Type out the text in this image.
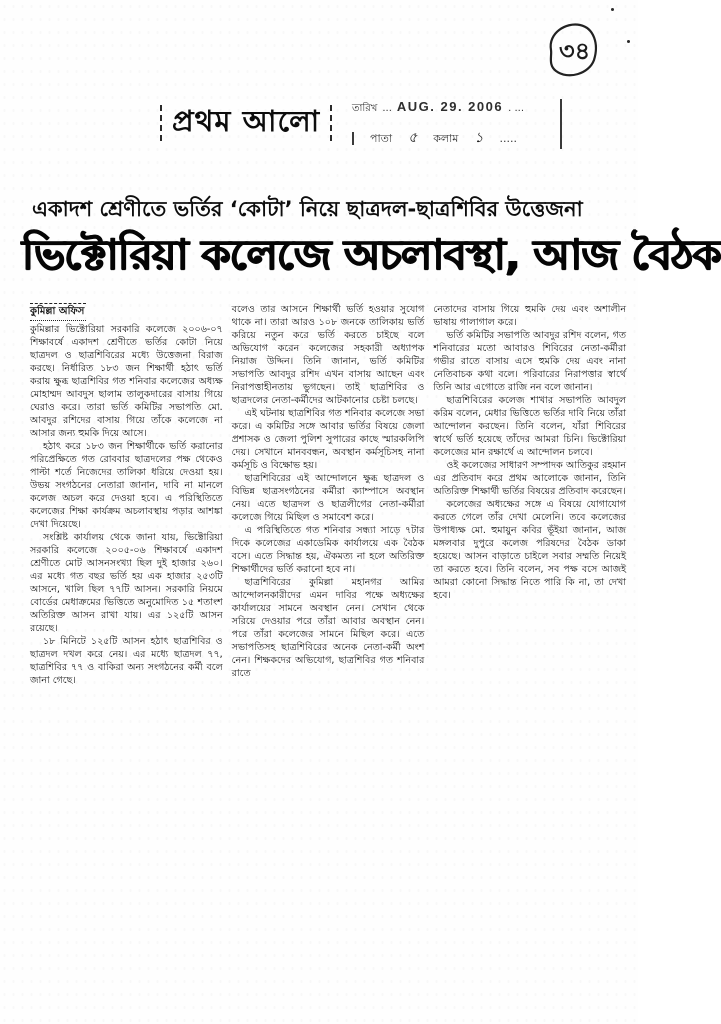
৩৪
প্রথম আলো	তারিখ ... AUG. 29. 2006 . ...
পাতা ৫ কলাম ১ .....
একাদশ শ্রেণীতে ভর্তির ‘কোটা’ নিয়ে ছাত্রদল-ছাত্রশিবির উত্তেজনা
ভিক্টোরিয়া কলেজে অচলাবস্থা, আজ বৈঠক
কুমিল্লা অফিস

কুমিল্লার ভিক্টোরিয়া সরকারি কলেজে ২০০৬-০৭ শিক্ষাবর্ষে একাদশ শ্রেণীতে ভর্তির কোটা নিয়ে ছাত্রদল ও ছাত্রশিবিরের মধ্যে উত্তেজনা বিরাজ করছে। নির্ধারিত ১৮৩ জন শিক্ষার্থী হঠাৎ ভর্তি করায় ক্ষুব্ধ ছাত্রশিবির গত শনিবার কলেজের অধ্যক্ষ মোহাম্মদ আবদুস ছালাম তালুকদারের বাসায় গিয়ে ঘেরাও করে। তারা ভর্তি কমিটির সভাপতি মো. আবদুর রশিদের বাসায় গিয়ে তাঁকে কলেজে না আসার জন্য হুমকি দিয়ে আসে।

হঠাৎ করে ১৮৩ জন শিক্ষার্থীকে ভর্তি করানোর পরিপ্রেক্ষিতে গত রোববার ছাত্রদলের পক্ষ থেকেও পাল্টা শর্তে নিজেদের তালিকা ধরিয়ে দেওয়া হয়। উভয় সংগঠনের নেতারা জানান, দাবি না মানলে কলেজ অচল করে দেওয়া হবে। এ পরিস্থিতিতে কলেজের শিক্ষা কার্যক্রম অচলাবস্থায় পড়ার আশঙ্কা দেখা দিয়েছে।

সংশ্লিষ্ট কার্যালয় থেকে জানা যায়, ভিক্টোরিয়া সরকারি কলেজে ২০০৫-০৬ শিক্ষাবর্ষে একাদশ শ্রেণীতে মোট আসনসংখ্যা ছিল দুই হাজার ২৬০। এর মধ্যে গত বছর ভর্তি হয় এক হাজার ২৫৩টি আসনে, খালি ছিল ৭৭টি আসন। সরকারি নিয়মে বোর্ডের মেধাক্রমের ভিত্তিতে অনুমোদিত ১৫ শতাংশ অতিরিক্ত আসন রাখা যায়। এর ১২৫টি আসন রয়েছে।

১৮ মিনিটে ১২৫টি আসন হঠাৎ ছাত্রশিবির ও ছাত্রদল দখল করে নেয়। এর মধ্যে ছাত্রদল ৭৭, ছাত্রশিবির ৭৭ ও বাকিরা অন্য সংগঠনের কর্মী বলে জানা গেছে।

বলেও তার আসনে শিক্ষার্থী ভর্তি হওয়ার সুযোগ থাকে না। তারা আরও ১০৮ জনকে তালিকায় ভর্তি করিয়ে নতুন করে ভর্তি করতে চাইছে বলে অভিযোগ করেন কলেজের সহকারী অধ্যাপক নিয়াজ উদ্দিন। তিনি জানান, ভর্তি কমিটির সভাপতি আবদুর রশিদ এখন বাসায় আছেন এবং নিরাপত্তাহীনতায় ভুগছেন। তাই ছাত্রশিবির ও ছাত্রদলের নেতা-কর্মীদের আটকানোর চেষ্টা চলছে।

এই ঘটনায় ছাত্রশিবির গত শনিবার কলেজে সভা করে। এ কমিটির সঙ্গে আবার ভর্তির বিষয়ে জেলা প্রশাসক ও জেলা পুলিশ সুপারের কাছে স্মারকলিপি দেয়। সেখানে মানববন্ধন, অবস্থান কর্মসূচিসহ নানা কর্মসূচি ও বিক্ষোভ হয়।

ছাত্রশিবিরের এই আন্দোলনে ক্ষুব্ধ ছাত্রদল ও বিভিন্ন ছাত্রসংগঠনের কর্মীরা ক্যাম্পাসে অবস্থান নেয়। এতে ছাত্রদল ও ছাত্রলীগের নেতা-কর্মীরা কলেজে গিয়ে মিছিল ও সমাবেশ করে।

এ পরিস্থিতিতে গত শনিবার সন্ধ্যা সাড়ে ৭টার দিকে কলেজের একাডেমিক কার্যালয়ে এক বৈঠক বসে। এতে সিদ্ধান্ত হয়, ঐকমত্য না হলে অতিরিক্ত শিক্ষার্থীদের ভর্তি করানো হবে না।

ছাত্রশিবিরের কুমিল্লা মহানগর আমির আন্দোলনকারীদের এমন দাবির পক্ষে অধ্যক্ষের কার্যালয়ের সামনে অবস্থান নেন। সেখান থেকে সরিয়ে দেওয়ার পরে তাঁরা আবার অবস্থান নেন। পরে তাঁরা কলেজের সামনে মিছিল করে। এতে সভাপতিসহ ছাত্রশিবিরের অনেক নেতা-কর্মী অংশ নেন। শিক্ষকদের অভিযোগ, ছাত্রশিবির গত শনিবার রাতে

নেতাদের বাসায় গিয়ে হুমকি দেয় এবং অশালীন ভাষায় গালাগাল করে।

ভর্তি কমিটির সভাপতি আবদুর রশিদ বলেন, গত শনিবারের মতো আবারও শিবিরের নেতা-কর্মীরা গভীর রাতে বাসায় এসে হুমকি দেয় এবং নানা নেতিবাচক কথা বলে। পরিবারের নিরাপত্তার স্বার্থে তিনি আর এগোতে রাজি নন বলে জানান।

ছাত্রশিবিরের কলেজ শাখার সভাপতি আবদুল করিম বলেন, মেধার ভিত্তিতে ভর্তির দাবি নিয়ে তাঁরা আন্দোলন করছেন। তিনি বলেন, যাঁরা শিবিরের স্বার্থে ভর্তি হয়েছে তাঁদের আমরা চিনি। ভিক্টোরিয়া কলেজের মান রক্ষার্থে এ আন্দোলন চলবে।

ওই কলেজের সাধারণ সম্পাদক আতিকুর রহমান এর প্রতিবাদ করে প্রথম আলোকে জানান, তিনি অতিরিক্ত শিক্ষার্থী ভর্তির বিষয়ের প্রতিবাদ করেছেন।

কলেজের অধ্যক্ষের সঙ্গে এ বিষয়ে যোগাযোগ করতে গেলে তাঁর দেখা মেলেনি। তবে কলেজের উপাধ্যক্ষ মো. হুমায়ুন কবির ভূঁইয়া জানান, আজ মঙ্গলবার দুপুরে কলেজ পরিষদের বৈঠক ডাকা হয়েছে। আসন বাড়াতে চাইলে সবার সম্মতি নিয়েই তা করতে হবে। তিনি বলেন, সব পক্ষ বসে আজই আমরা কোনো সিদ্ধান্ত নিতে পারি কি না, তা দেখা হবে।
